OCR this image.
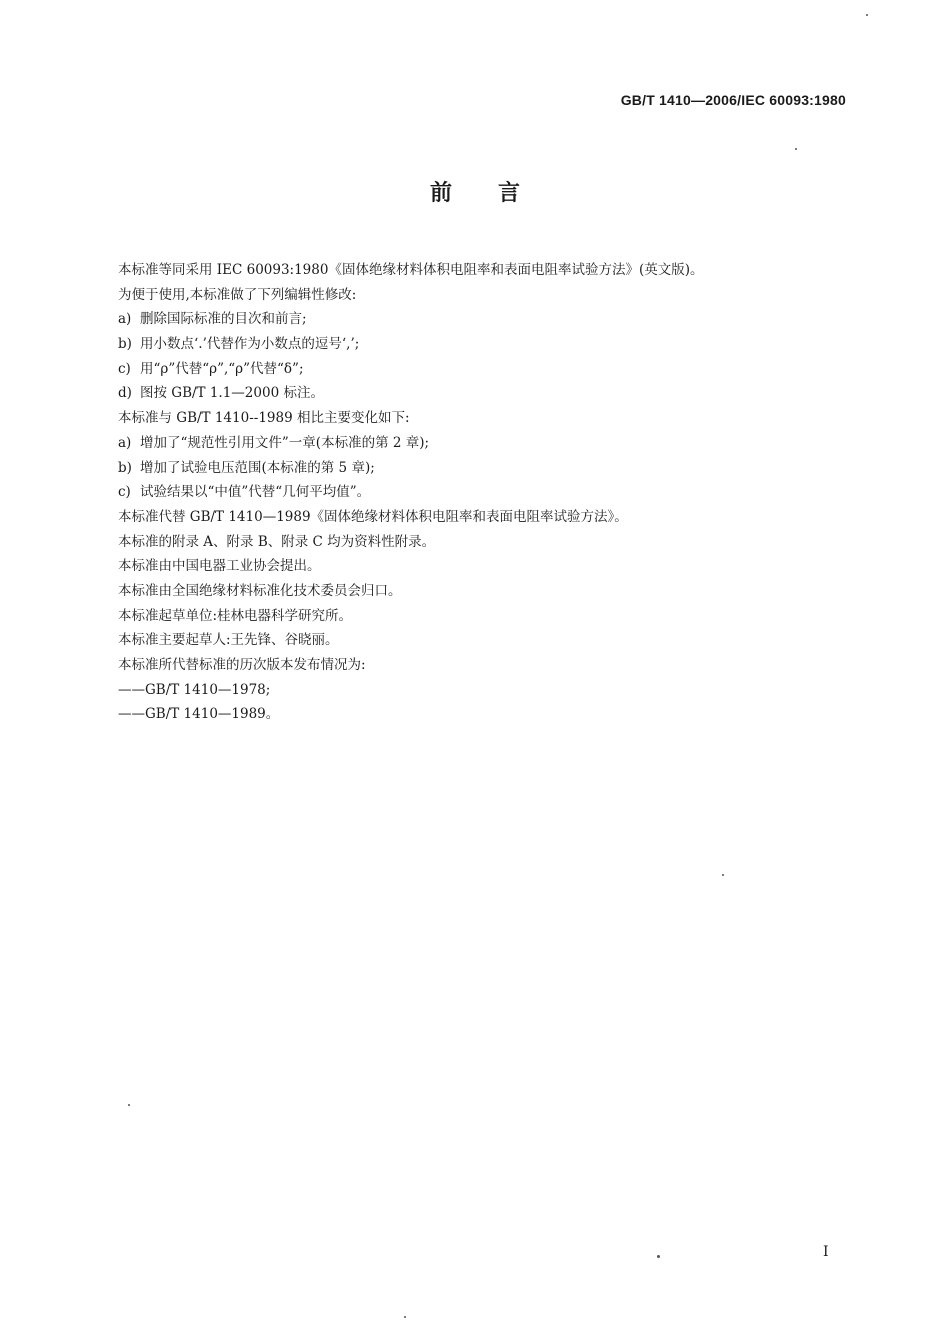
GB/T 1410—2006/IEC 60093:1980
前言
本标准等同采用 IEC 60093:1980《固体绝缘材料体积电阻率和表面电阻率试验方法》(英文版)。
为便于使用,本标准做了下列编辑性修改:
a) 删除国际标准的目次和前言;
b) 用小数点‘.’代替作为小数点的逗号‘,’;
c) 用“ρ”代替“ρ”,“ρ”代替“δ”;
d) 图按 GB/T 1.1—2000 标注。
本标准与 GB/T 1410--1989 相比主要变化如下:
a) 增加了“规范性引用文件”一章(本标准的第 2 章);
b) 增加了试验电压范围(本标准的第 5 章);
c) 试验结果以“中值”代替“几何平均值”。
本标准代替 GB/T 1410—1989《固体绝缘材料体积电阻率和表面电阻率试验方法》。
本标准的附录 A、附录 B、附录 C 均为资料性附录。
本标准由中国电器工业协会提出。
本标准由全国绝缘材料标准化技术委员会归口。
本标准起草单位:桂林电器科学研究所。
本标准主要起草人:王先锋、谷晓丽。
本标准所代替标准的历次版本发布情况为:
——GB/T 1410—1978;
——GB/T 1410—1989。
I
